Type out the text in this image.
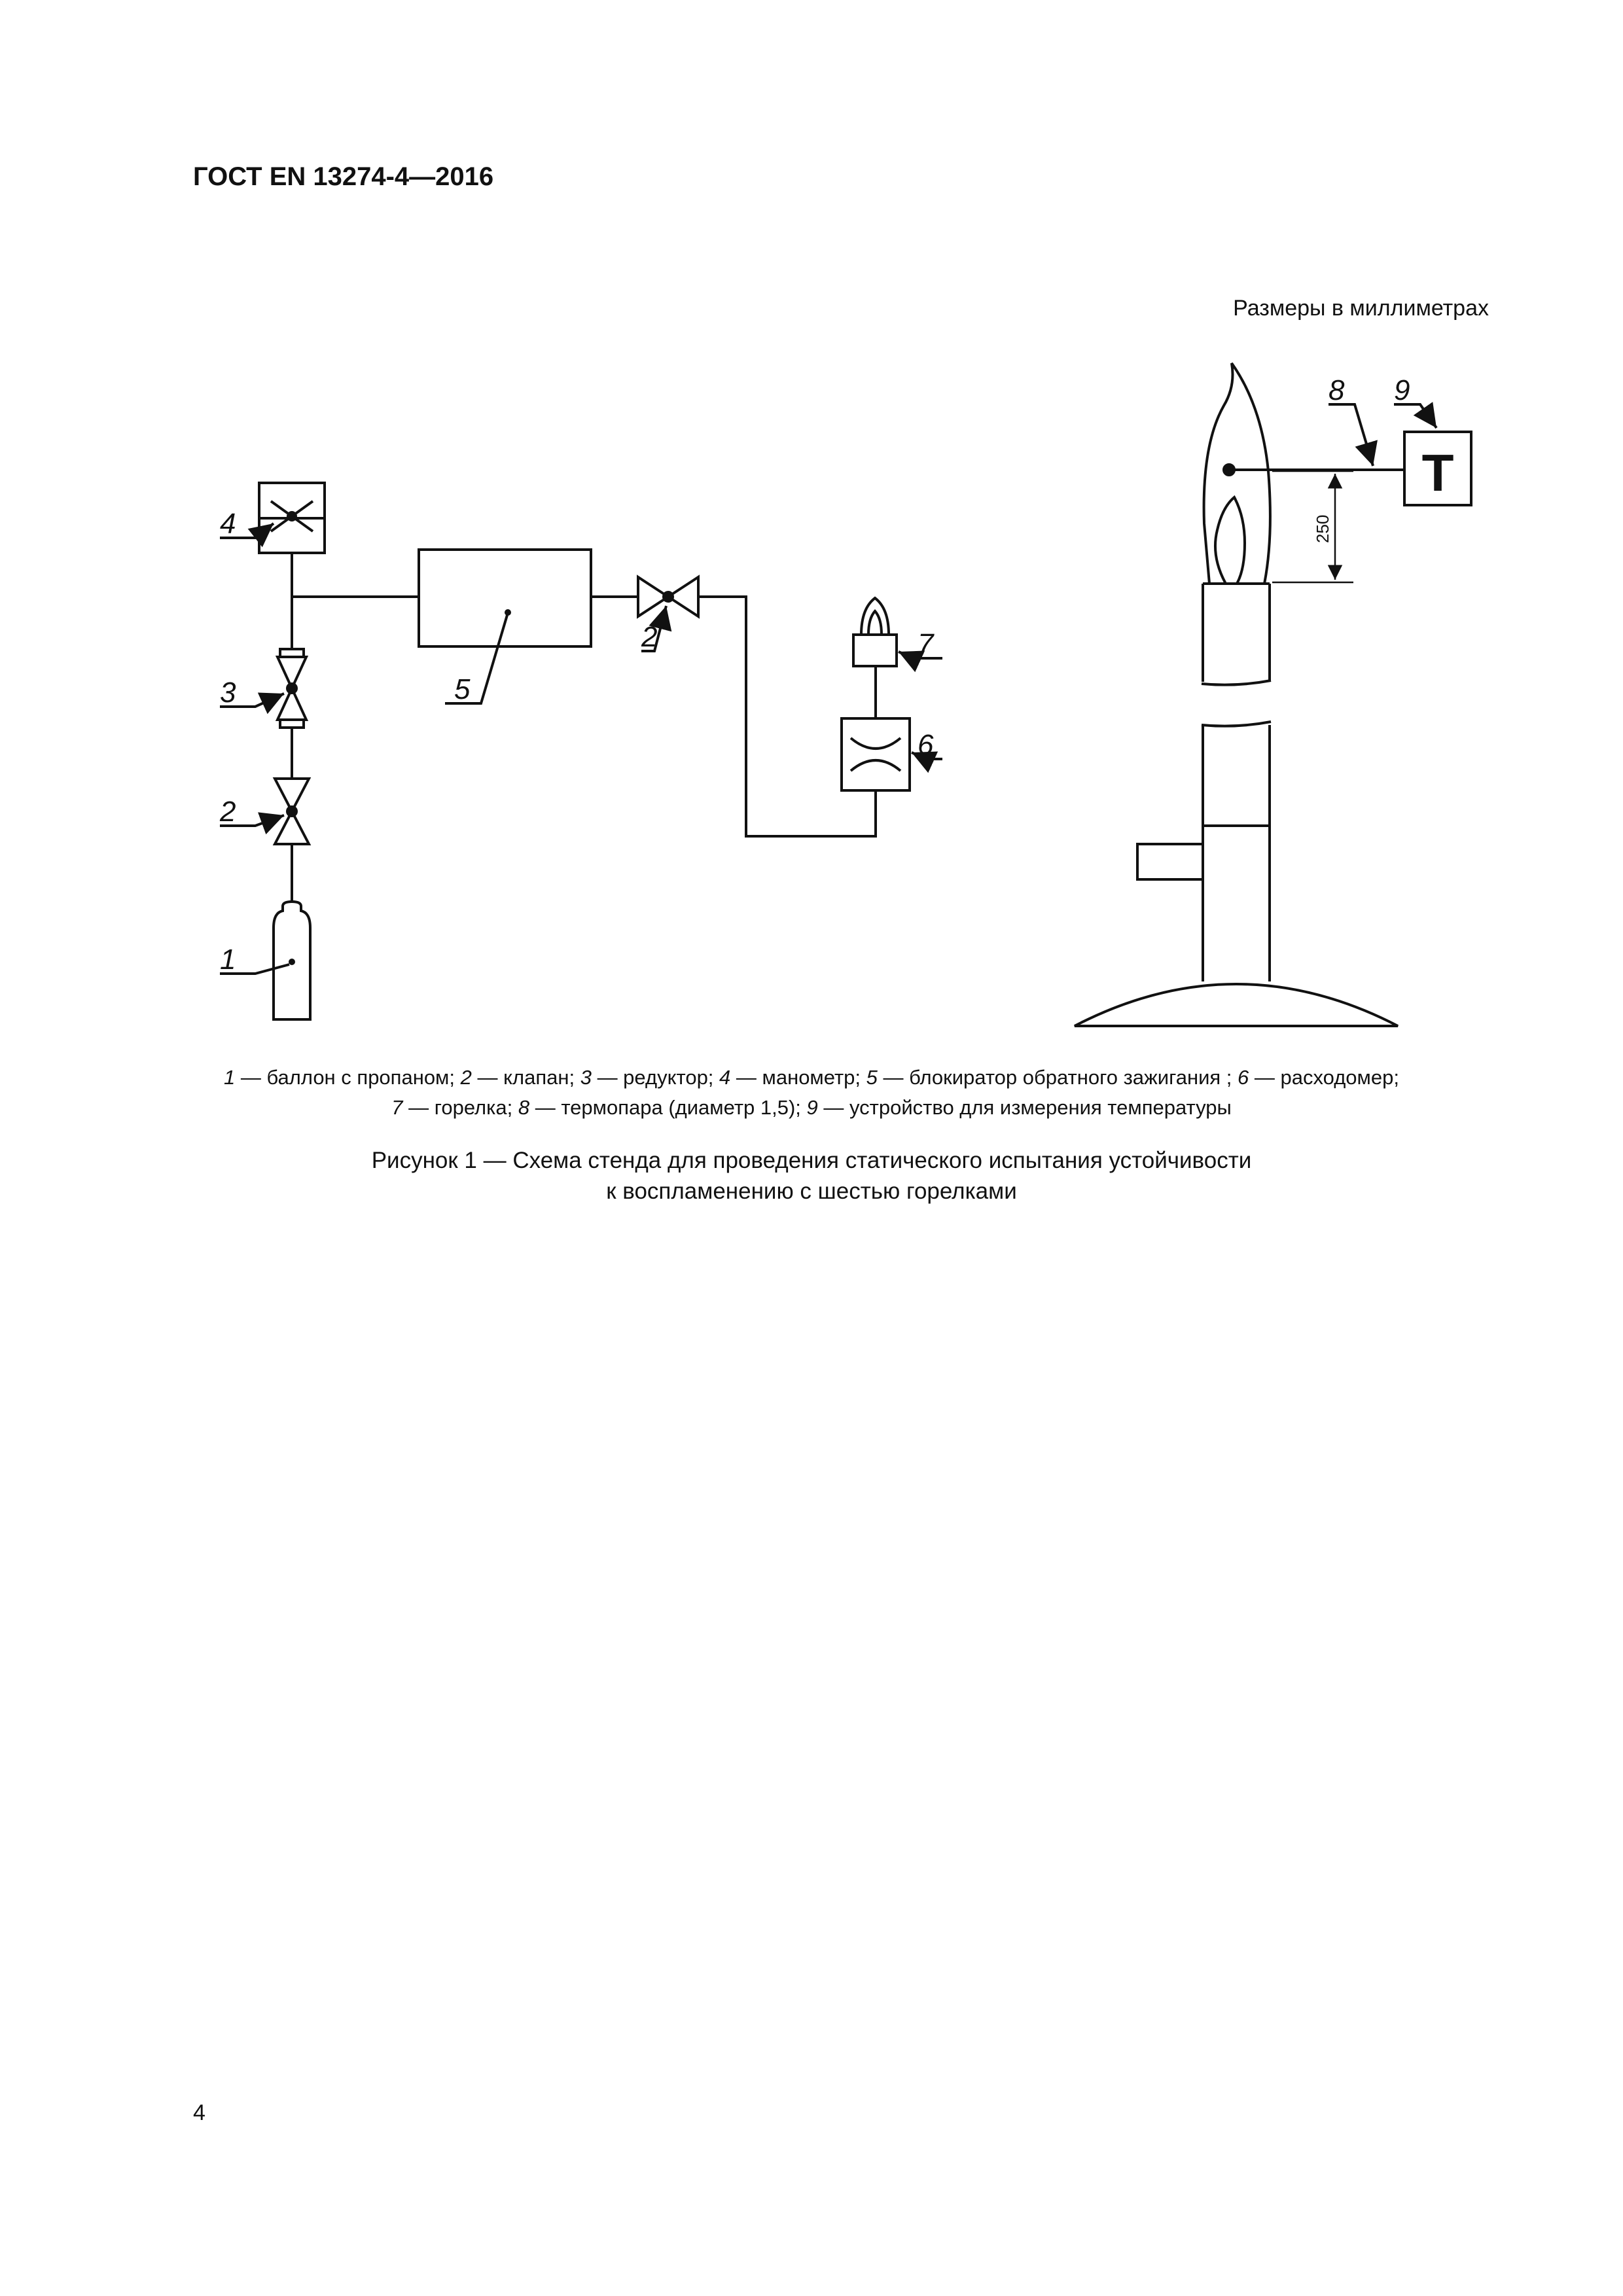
ГОСТ EN 13274-4—2016
Размеры в миллиметрах
4
3
2
1
5
2	7
6
8 9
250
T
1 — баллон с пропаном; 2 — клапан; 3 — редуктор; 4 — манометр; 5 — блокиратор обратного зажигания ; 6 — расходомер;
7 — горелка; 8 — термопара (диаметр 1,5); 9 — устройство для измерения температуры
Рисунок 1 — Схема стенда для проведения статического испытания устойчивости
к воспламенению с шестью горелками
4
